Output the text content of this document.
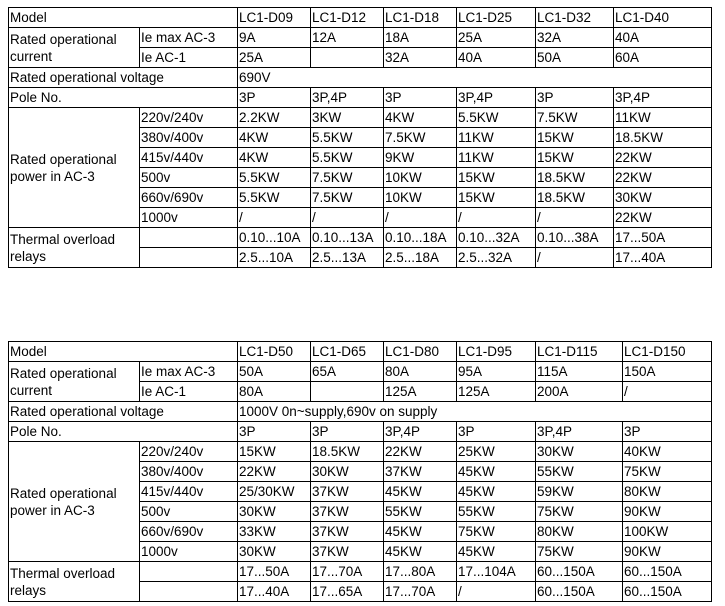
Model		LC1-D09	LC1-D12	LC1-D18	LC1-D25	LC1-D32	LC1-D40
Rated operational current	Ie max AC-3	9A	12A	18A	25A	32A	40A
	Ie AC-1	25A		32A	40A	50A	60A
Rated operational voltage		690V					
Pole No.		3P	3P,4P	3P	3P,4P	3P	3P,4P
Rated operational power in AC-3	220v/240v	2.2KW	3KW	4KW	5.5KW	7.5KW	11KW
	380v/400v	4KW	5.5KW	7.5KW	11KW	15KW	18.5KW
	415v/440v	4KW	5.5KW	9KW	11KW	15KW	22KW
	500v	5.5KW	7.5KW	10KW	15KW	18.5KW	22KW
	660v/690v	5.5KW	7.5KW	10KW	15KW	18.5KW	30KW
	1000v	/	/	/	/	/	22KW
Thermal overload relays		0.10...10A	0.10...13A	0.10...18A	0.10...32A	0.10...38A	17...50A
		2.5...10A	2.5...13A	2.5...18A	2.5...32A	/	17...40A
Model		LC1-D50	LC1-D65	LC1-D80	LC1-D95	LC1-D115	LC1-D150
Rated operational current	Ie max AC-3	50A	65A	80A	95A	115A	150A
	Ie AC-1	80A		125A	125A	200A	/
Rated operational voltage		1000V 0n~supply,690v on supply					
Pole No.		3P	3P	3P,4P	3P	3P,4P	3P
Rated operational power in AC-3	220v/240v	15KW	18.5KW	22KW	25KW	30KW	40KW
	380v/400v	22KW	30KW	37KW	45KW	55KW	75KW
	415v/440v	25/30KW	37KW	45KW	45KW	59KW	80KW
	500v	30KW	37KW	55KW	55KW	75KW	90KW
	660v/690v	33KW	37KW	45KW	75KW	80KW	100KW
	1000v	30KW	37KW	45KW	45KW	75KW	90KW
Thermal overload relays		17...50A	17...70A	17...80A	17...104A	60...150A	60...150A
		17...40A	17...65A	17...70A	/	60...150A	60...150A
